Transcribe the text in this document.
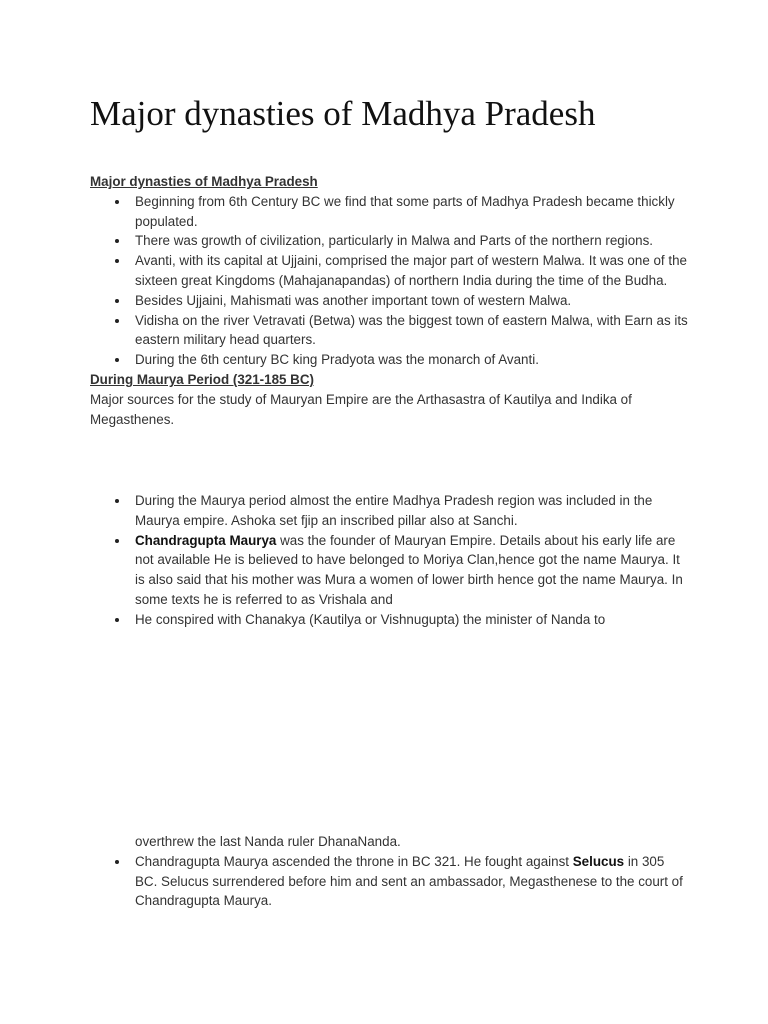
Major dynasties of Madhya Pradesh

Major dynasties of Madhya Pradesh

Beginning from 6th Century BC we find that some parts of Madhya Pradesh became thickly populated.
There was growth of civilization, particularly in Malwa and Parts of the northern regions.
Avanti, with its capital at Ujjaini, comprised the major part of western Malwa. It was one of the sixteen great Kingdoms (Mahajanapandas) of northern India during the time of the Budha.
Besides Ujjaini, Mahismati was another important town of western Malwa.
Vidisha on the river Vetravati (Betwa) was the biggest town of eastern Malwa, with Earn as its eastern military head quarters.
During the 6th century BC king Pradyota was the monarch of Avanti.

During Maurya Period (321-185 BC)

Major sources for the study of Mauryan Empire are the Arthasastra of Kautilya and Indika of Megasthenes.

During the Maurya period almost the entire Madhya Pradesh region was included in the Maurya empire. Ashoka set fjip an inscribed pillar also at Sanchi.
Chandragupta Maurya was the founder of Mauryan Empire. Details about his early life are not available He is believed to have belonged to Moriya Clan,hence got the name Maurya. It is also said that his mother was Mura a women of lower birth hence got the name Maurya. In some texts he is referred to as Vrishala and
He conspired with Chanakya (Kautilya or Vishnugupta) the minister of Nanda to
overthrew the last Nanda ruler DhanaNanda.
Chandragupta Maurya ascended the throne in BC 321. He fought against Selucus in 305 BC. Selucus surrendered before him and sent an ambassador, Megasthenese to the court of Chandragupta Maurya.
